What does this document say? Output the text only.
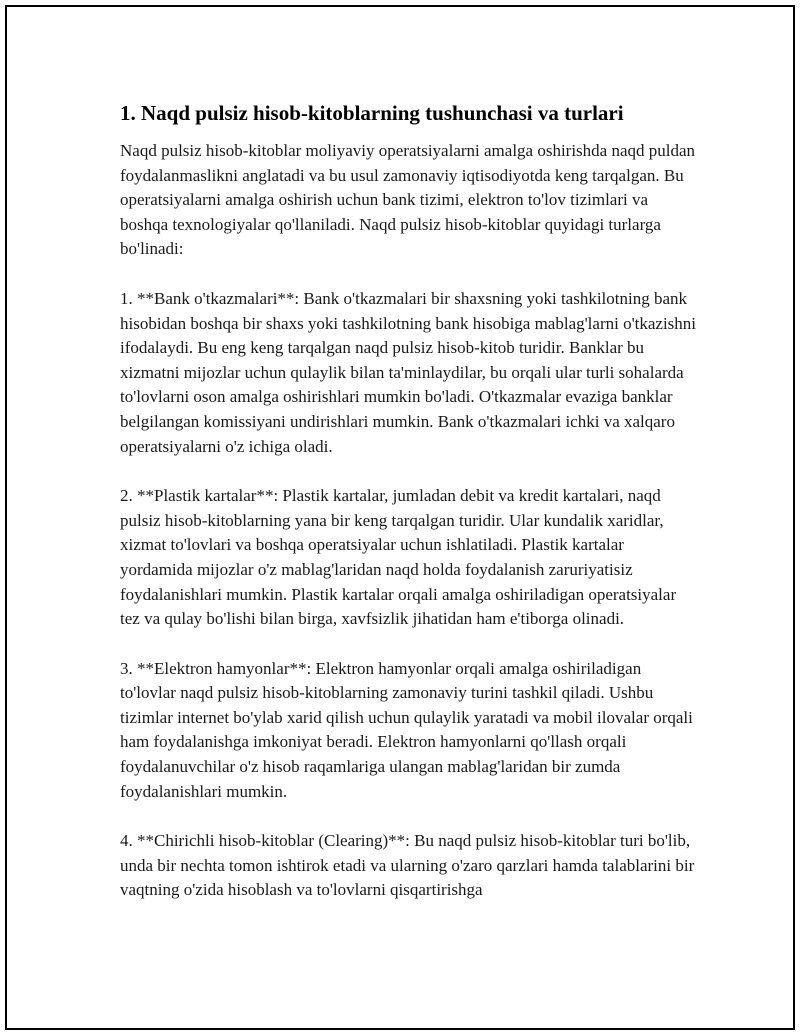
1. Naqd pulsiz hisob-kitoblarning tushunchasi va turlari

Naqd pulsiz hisob-kitoblar moliyaviy operatsiyalarni amalga oshirishda naqd puldan foydalanmaslikni anglatadi va bu usul zamonaviy iqtisodiyotda keng tarqalgan. Bu operatsiyalarni amalga oshirish uchun bank tizimi, elektron to'lov tizimlari va boshqa texnologiyalar qo'llaniladi. Naqd pulsiz hisob-kitoblar quyidagi turlarga bo'linadi:

1. **Bank o'tkazmalari**: Bank o'tkazmalari bir shaxsning yoki tashkilotning bank hisobidan boshqa bir shaxs yoki tashkilotning bank hisobiga mablag'larni o'tkazishni ifodalaydi. Bu eng keng tarqalgan naqd pulsiz hisob-kitob turidir. Banklar bu xizmatni mijozlar uchun qulaylik bilan ta'minlaydilar, bu orqali ular turli sohalarda to'lovlarni oson amalga oshirishlari mumkin bo'ladi. O'tkazmalar evaziga banklar belgilangan komissiyani undirishlari mumkin. Bank o'tkazmalari ichki va xalqaro operatsiyalarni o'z ichiga oladi.

2. **Plastik kartalar**: Plastik kartalar, jumladan debit va kredit kartalari, naqd pulsiz hisob-kitoblarning yana bir keng tarqalgan turidir. Ular kundalik xaridlar, xizmat to'lovlari va boshqa operatsiyalar uchun ishlatiladi. Plastik kartalar yordamida mijozlar o'z mablag'laridan naqd holda foydalanish zaruriyatisiz foydalanishlari mumkin. Plastik kartalar orqali amalga oshiriladigan operatsiyalar tez va qulay bo'lishi bilan birga, xavfsizlik jihatidan ham e'tiborga olinadi.

3. **Elektron hamyonlar**: Elektron hamyonlar orqali amalga oshiriladigan to'lovlar naqd pulsiz hisob-kitoblarning zamonaviy turini tashkil qiladi. Ushbu tizimlar internet bo'ylab xarid qilish uchun qulaylik yaratadi va mobil ilovalar orqali ham foydalanishga imkoniyat beradi. Elektron hamyonlarni qo'llash orqali foydalanuvchilar o'z hisob raqamlariga ulangan mablag'laridan bir zumda foydalanishlari mumkin.

4. **Chirichli hisob-kitoblar (Clearing)**: Bu naqd pulsiz hisob-kitoblar turi bo'lib, unda bir nechta tomon ishtirok etadi va ularning o'zaro qarzlari hamda talablarini bir vaqtning o'zida hisoblash va to'lovlarni qisqartirishga
